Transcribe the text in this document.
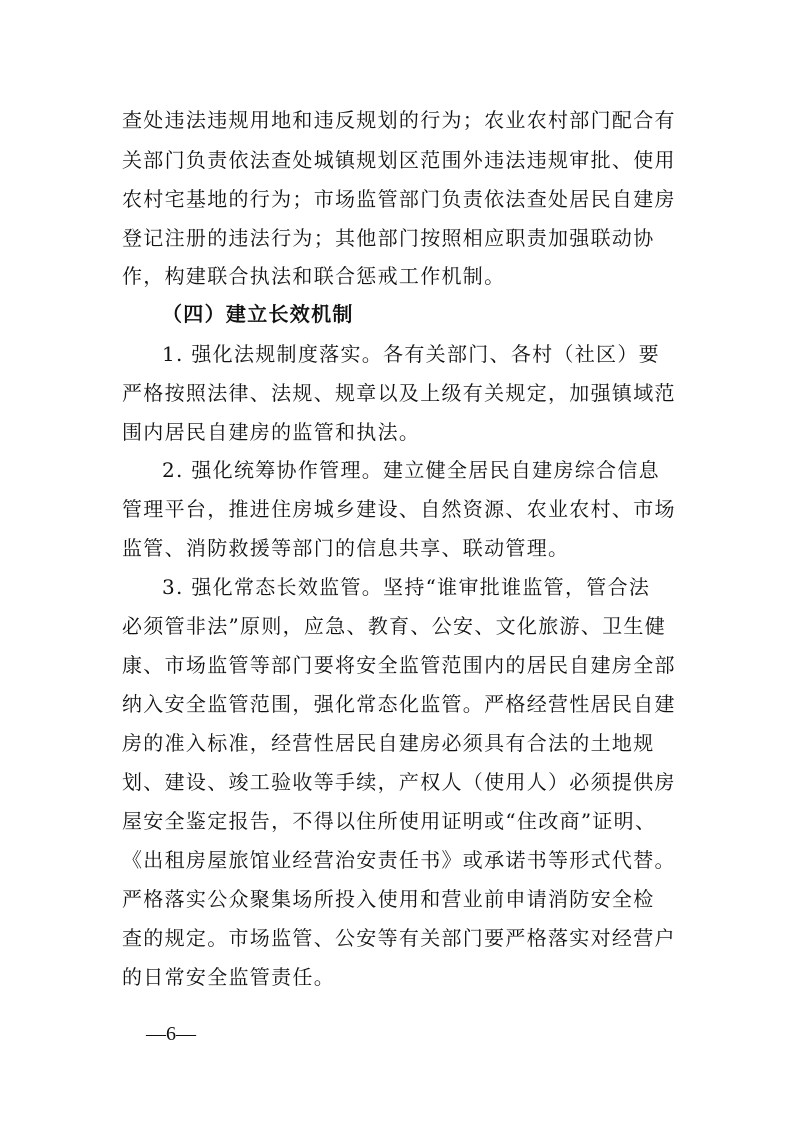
查处违法违规用地和违反规划的行为；农业农村部门配合有
关部门负责依法查处城镇规划区范围外违法违规审批、使用
农村宅基地的行为；市场监管部门负责依法查处居民自建房
登记注册的违法行为；其他部门按照相应职责加强联动协
作，构建联合执法和联合惩戒工作机制。
（四）建立长效机制
1. 强化法规制度落实。各有关部门、各村（社区）要
严格按照法律、法规、规章以及上级有关规定，加强镇域范
围内居民自建房的监管和执法。
2. 强化统筹协作管理。建立健全居民自建房综合信息
管理平台，推进住房城乡建设、自然资源、农业农村、市场
监管、消防救援等部门的信息共享、联动管理。
3. 强化常态长效监管。坚持“谁审批谁监管，管合法
必须管非法”原则，应急、教育、公安、文化旅游、卫生健
康、市场监管等部门要将安全监管范围内的居民自建房全部
纳入安全监管范围，强化常态化监管。严格经营性居民自建
房的准入标准，经营性居民自建房必须具有合法的土地规
划、建设、竣工验收等手续，产权人（使用人）必须提供房
屋安全鉴定报告，不得以住所使用证明或“住改商”证明、
《出租房屋旅馆业经营治安责任书》或承诺书等形式代替。
严格落实公众聚集场所投入使用和营业前申请消防安全检
查的规定。市场监管、公安等有关部门要严格落实对经营户
的日常安全监管责任。
—6—
